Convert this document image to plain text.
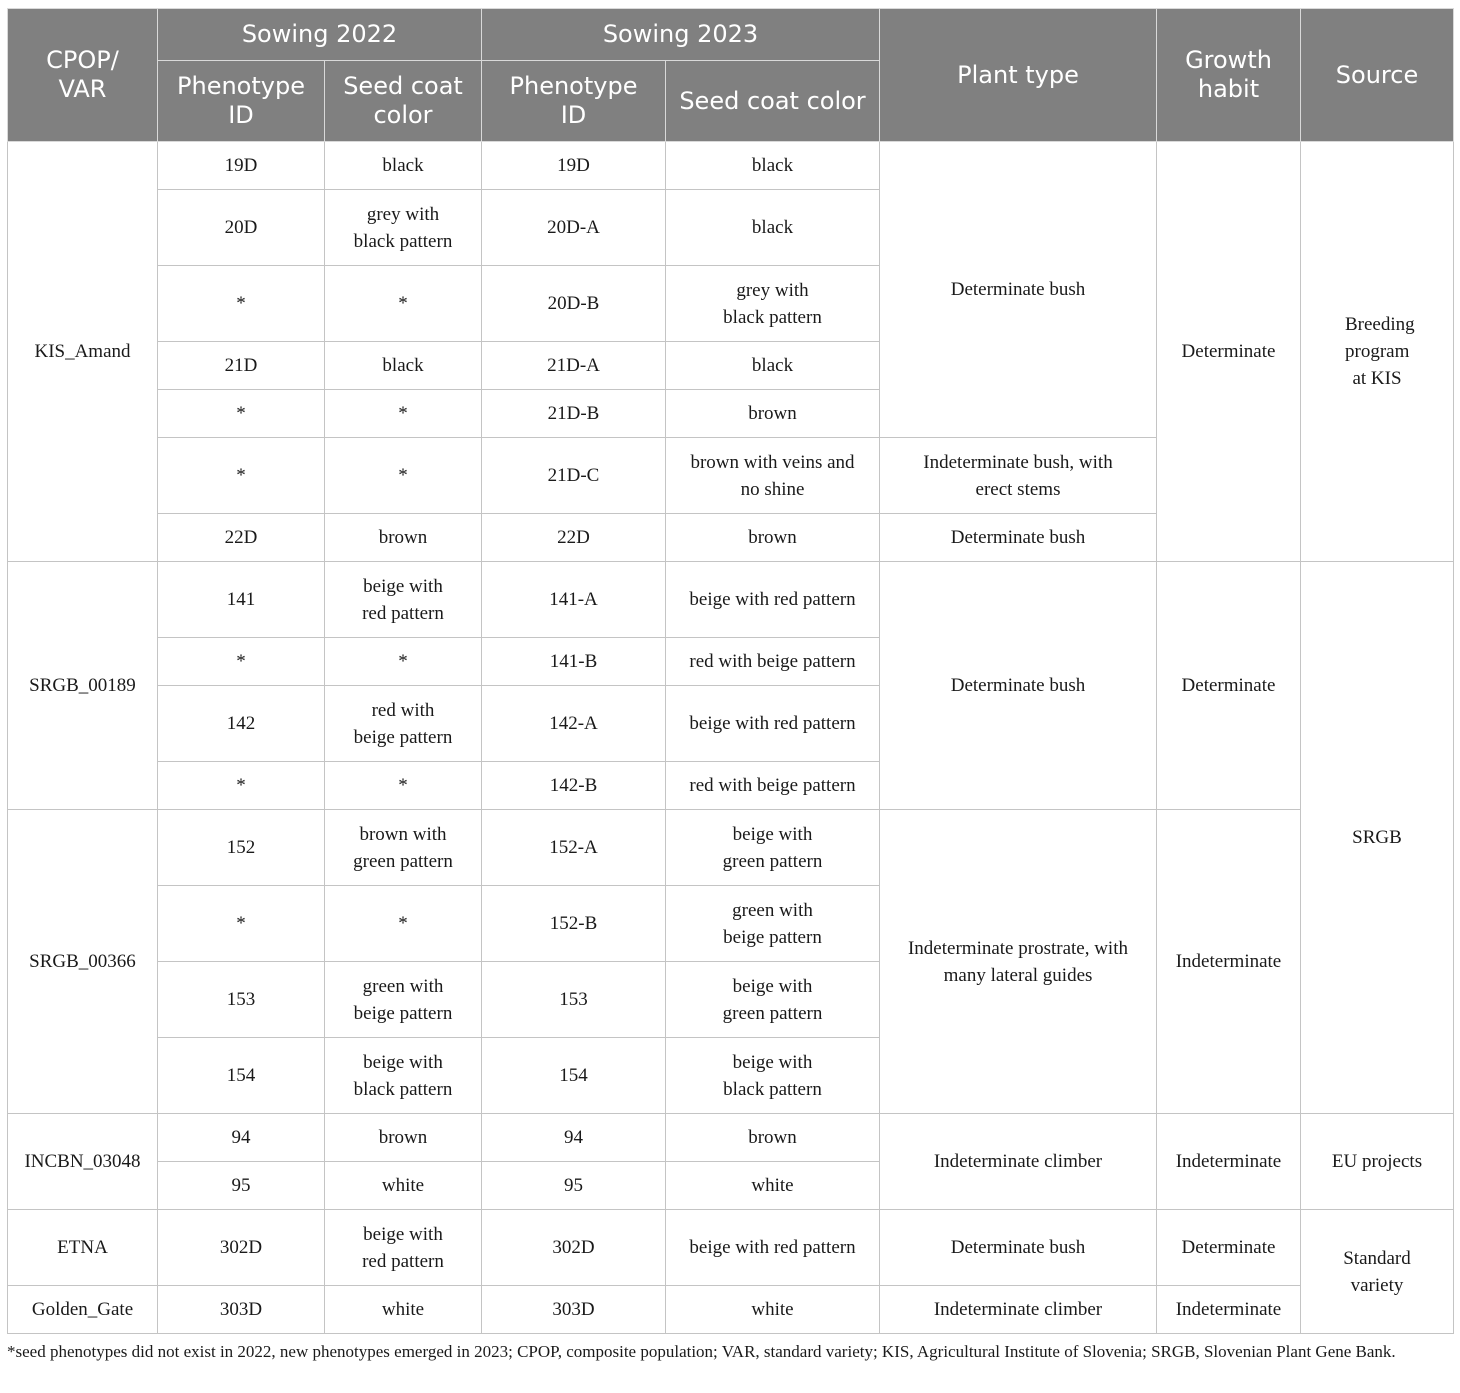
CPOP/ VAR	Sowing 2022		Sowing 2023		Plant type	Growth habit	Source
	Phenotype ID	Seed coat color	Phenotype ID	Seed coat color			
KIS_Amand	19D	black	19D	black	Determinate bush	Determinate	Breeding program at KIS
	20D	grey with black pattern	20D-A	black			
	*	*	20D-B	grey with black pattern			
	21D	black	21D-A	black			
	*	*	21D-B	brown			
	*	*	21D-C	brown with veins and no shine	Indeterminate bush, with erect stems		
	22D	brown	22D	brown	Determinate bush		
SRGB_00189	141	beige with red pattern	141-A	beige with red pattern	Determinate bush	Determinate	SRGB
	*	*	141-B	red with beige pattern			
	142	red with beige pattern	142-A	beige with red pattern			
	*	*	142-B	red with beige pattern			
SRGB_00366	152	brown with green pattern	152-A	beige with green pattern	Indeterminate prostrate, with many lateral guides	Indeterminate	
	*	*	152-B	green with beige pattern			
	153	green with beige pattern	153	beige with green pattern			
	154	beige with black pattern	154	beige with black pattern			
INCBN_03048	94	brown	94	brown	Indeterminate climber	Indeterminate	EU projects
	95	white	95	white			
ETNA	302D	beige with red pattern	302D	beige with red pattern	Determinate bush	Determinate	Standard variety
Golden_Gate	303D	white	303D	white	Indeterminate climber	Indeterminate	

*seed phenotypes did not exist in 2022, new phenotypes emerged in 2023; CPOP, composite population; VAR, standard variety; KIS, Agricultural Institute of Slovenia; SRGB, Slovenian Plant Gene Bank.
